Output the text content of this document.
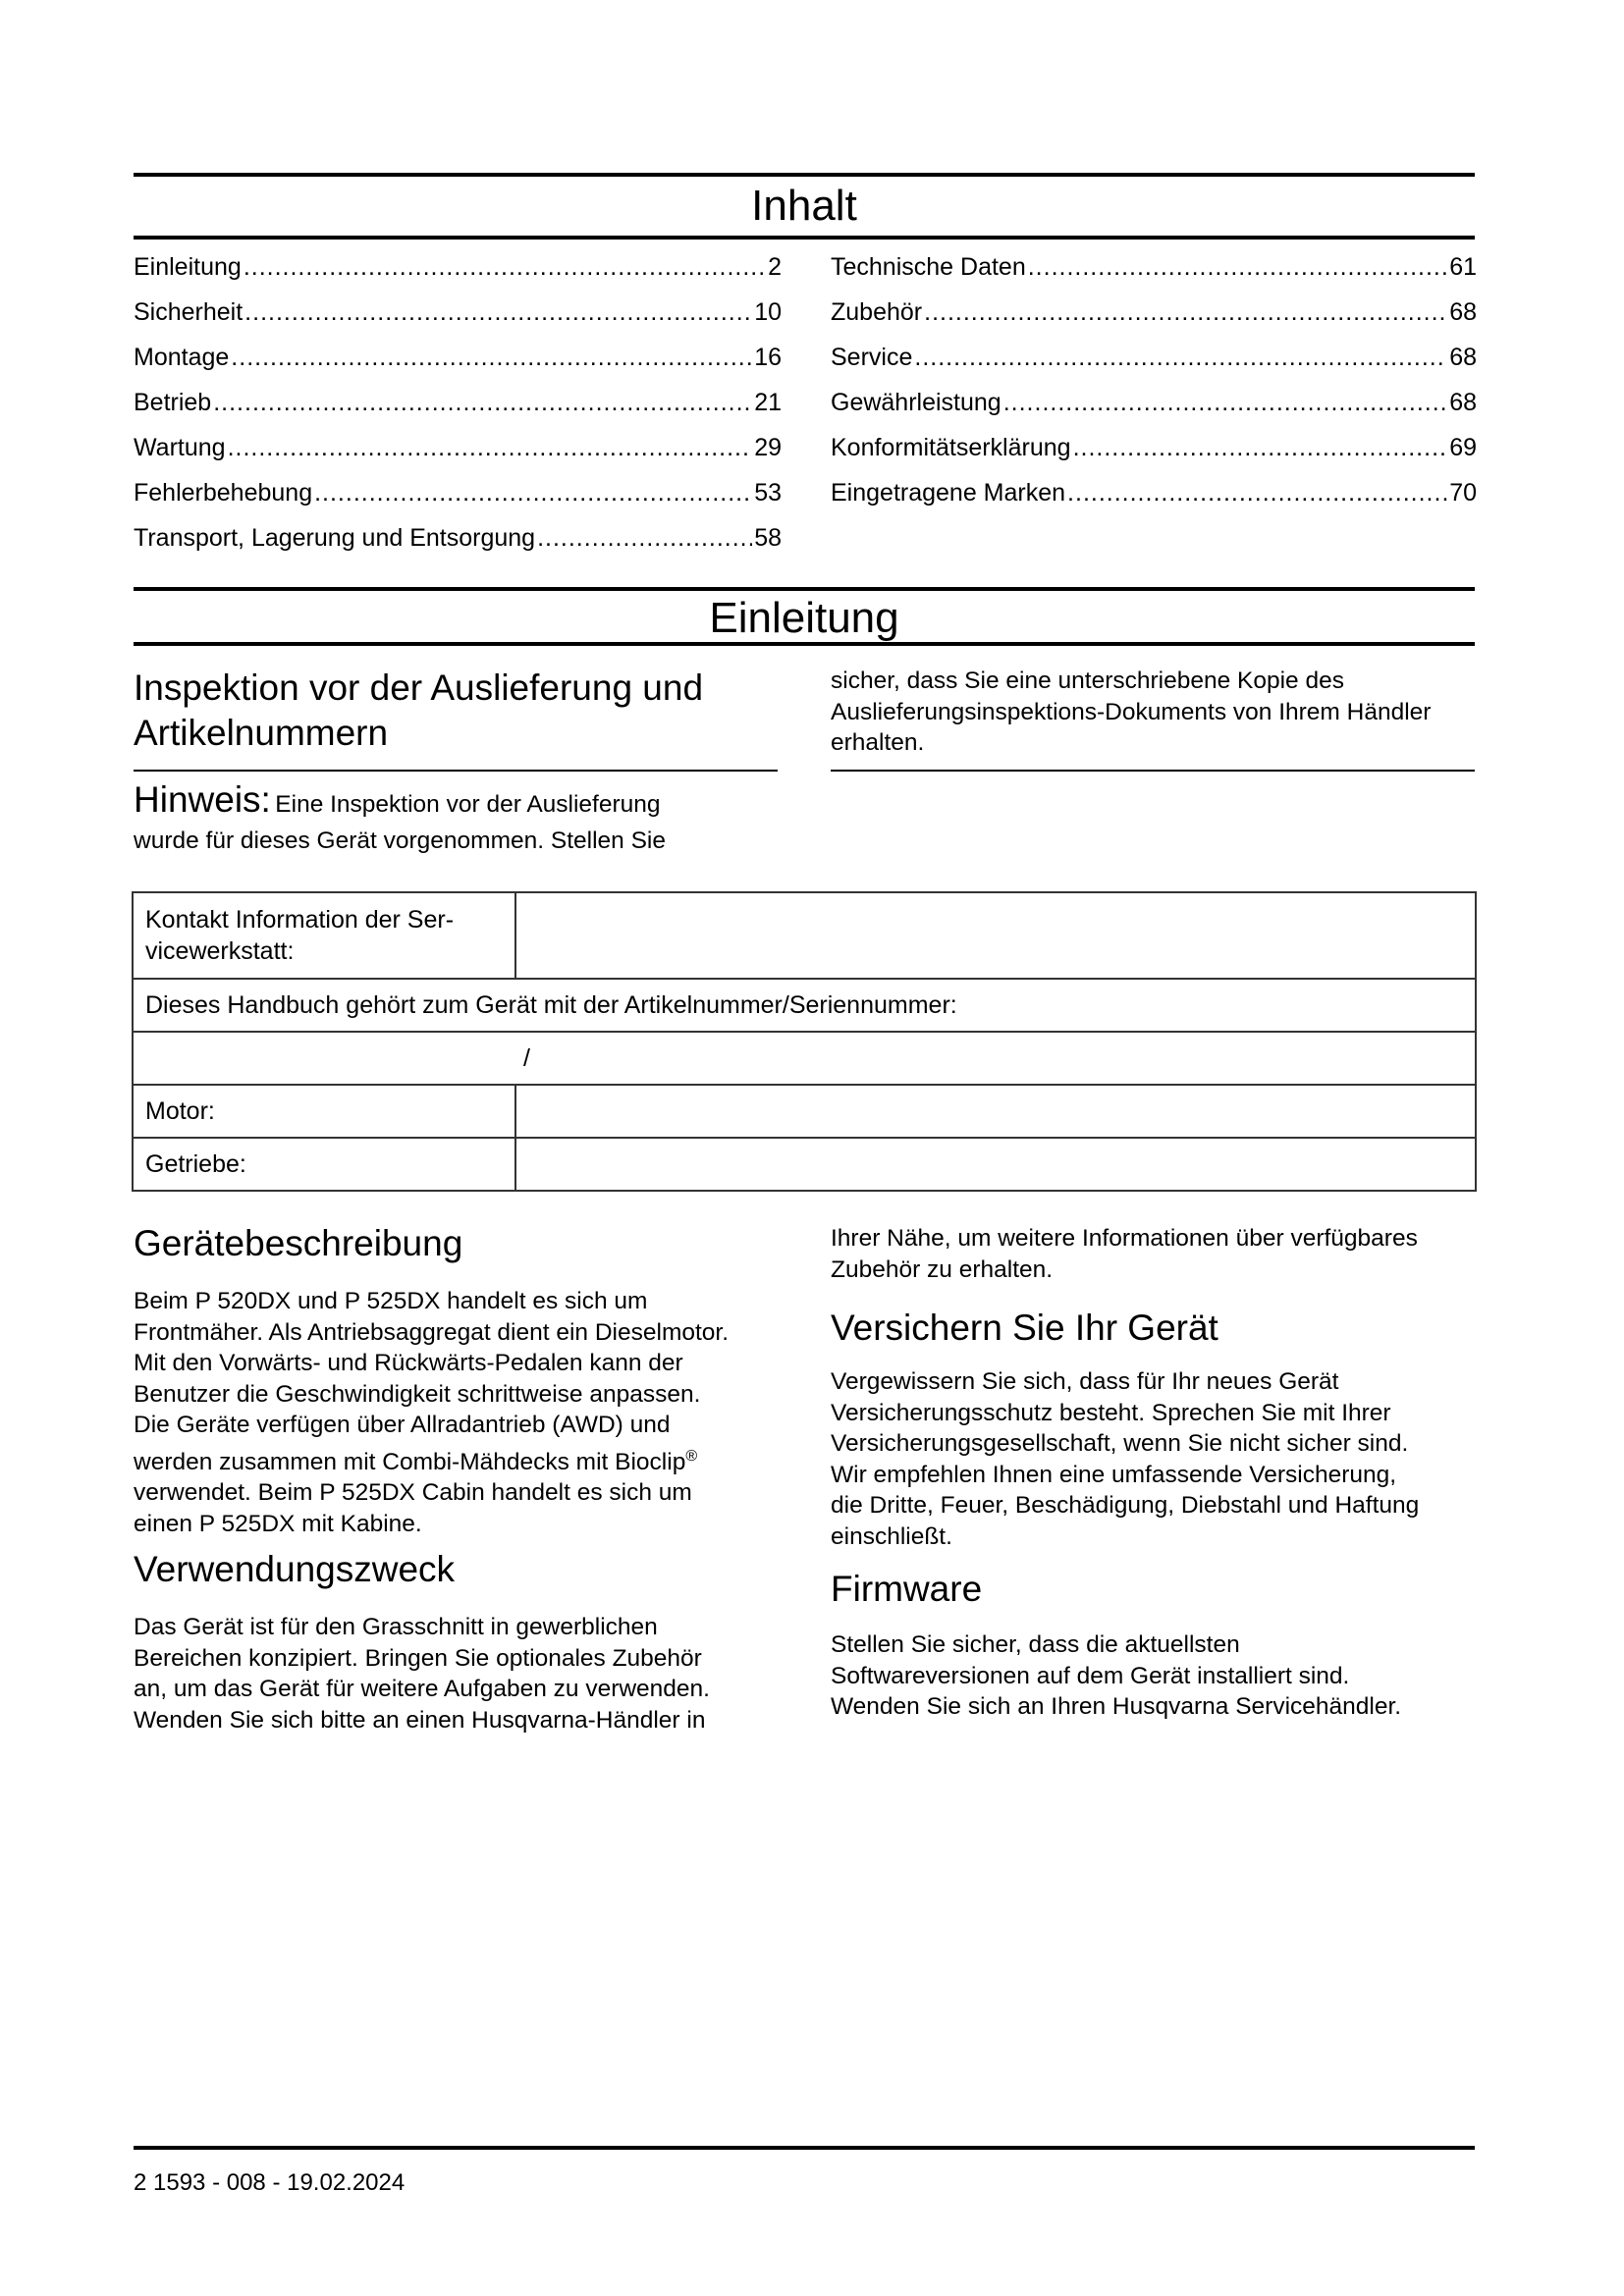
Inhalt
Einleitung .....	2
Sicherheit .....	10
Montage .....	16
Betrieb .....	21
Wartung .....	29
Fehlerbehebung .....	53
Transport, Lagerung und Entsorgung .....	58
Technische Daten .....	61
Zubehör .....	68
Service .....	68
Gewährleistung .....	68
Konformitätserklärung .....	69
Eingetragene Marken .....	70
Einleitung
Inspektion vor der Auslieferung und
Artikelnummern
Hinweis: Eine Inspektion vor der Auslieferung
wurde für dieses Gerät vorgenommen. Stellen Sie
sicher, dass Sie eine unterschriebene Kopie des
Auslieferungsinspektions-Dokuments von Ihrem Händler
erhalten.
Kontakt Information der Ser-
vicewerkstatt:	

Dieses Handbuch gehört zum Gerät mit der Artikelnummer/Seriennummer:	
/	
Motor:	
Getriebe:	
Gerätebeschreibung
Beim P 520DX und P 525DX handelt es sich um
Frontmäher. Als Antriebsaggregat dient ein Dieselmotor.
Mit den Vorwärts- und Rückwärts-Pedalen kann der
Benutzer die Geschwindigkeit schrittweise anpassen.
Die Geräte verfügen über Allradantrieb (AWD) und
werden zusammen mit Combi-Mähdecks mit Bioclip®
verwendet. Beim P 525DX Cabin handelt es sich um
einen P 525DX mit Kabine.
Verwendungszweck
Das Gerät ist für den Grasschnitt in gewerblichen
Bereichen konzipiert. Bringen Sie optionales Zubehör
an, um das Gerät für weitere Aufgaben zu verwenden.
Wenden Sie sich bitte an einen Husqvarna-Händler in
Ihrer Nähe, um weitere Informationen über verfügbares
Zubehör zu erhalten.
Versichern Sie Ihr Gerät
Vergewissern Sie sich, dass für Ihr neues Gerät
Versicherungsschutz besteht. Sprechen Sie mit Ihrer
Versicherungsgesellschaft, wenn Sie nicht sicher sind.
Wir empfehlen Ihnen eine umfassende Versicherung,
die Dritte, Feuer, Beschädigung, Diebstahl und Haftung
einschließt.
Firmware
Stellen Sie sicher, dass die aktuellsten
Softwareversionen auf dem Gerät installiert sind.
Wenden Sie sich an Ihren Husqvarna Servicehändler.
2 1593 - 008 - 19.02.2024
